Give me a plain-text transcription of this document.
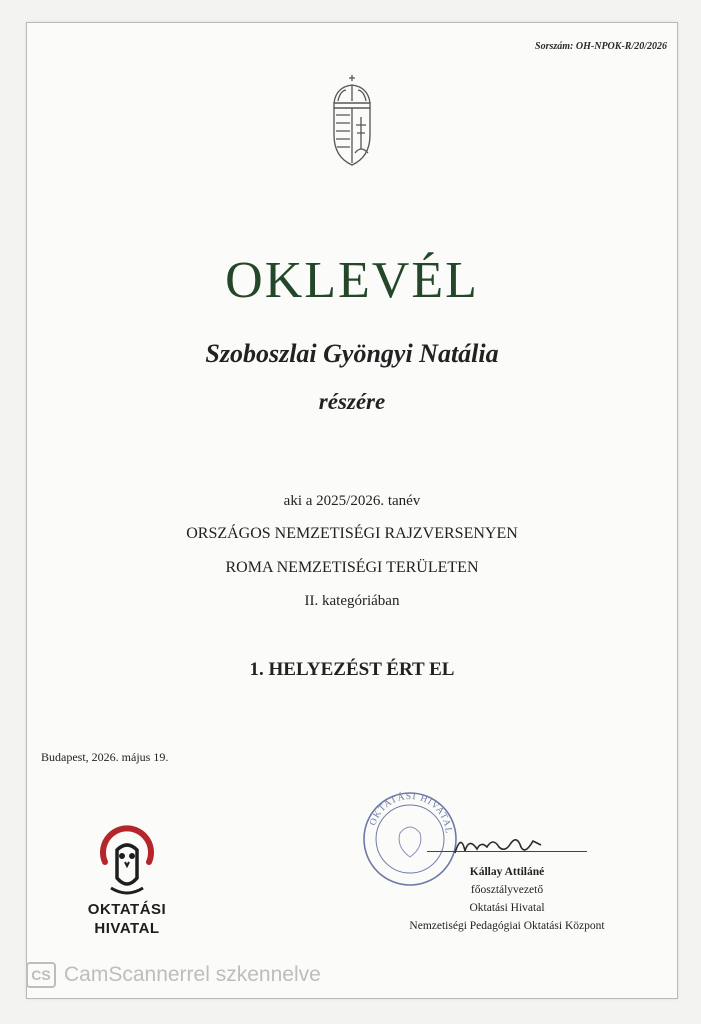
Sorszám: OH-NPOK-R/20/2026
OKLEVÉL
Szoboszlai Gyöngyi Natália
részére
aki a 2025/2026. tanév
ORSZÁGOS NEMZETISÉGI RAJZVERSENYEN
ROMA NEMZETISÉGI TERÜLETEN
II. kategóriában
1. HELYEZÉST ÉRT EL
Budapest, 2026. május 19.
OKTATÁSI
HIVATAL
OKTATÁSI HIVATAL
Kállay Attiláné
főosztályvezető
Oktatási Hivatal
Nemzetiségi Pedagógiai Oktatási Központ
CS CamScannerrel szkennelve
